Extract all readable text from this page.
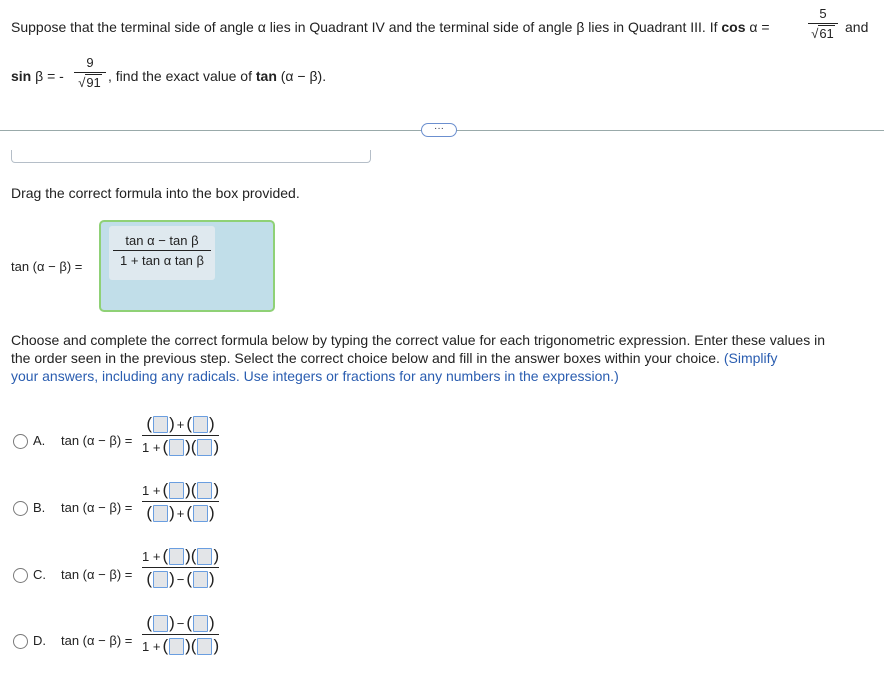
Suppose that the terminal side of angle α lies in Quadrant IV and the terminal side of angle β lies in Quadrant III. If cos α =
5
√61 and
sin β = -
9
√91 , find the exact value of tan (α − β).
···
Drag the correct formula into the box provided.
tan (α − β) =
tan α − tan β
1 + tan α tan β
Choose and complete the correct formula below by typing the correct value for each trigonometric expression. Enter these values in
the order seen in the previous step. Select the correct choice below and fill in the answer boxes within your choice. (Simplify
your answers, including any radicals. Use integers or fractions for any numbers in the expression.)
A. tan (α − β) =
( ) + ( )
1 + ( ) ( )
B. tan (α − β) =
1 + ( ) ( )
( ) + ( )
C. tan (α − β) =
1 + ( ) ( )
( ) − ( )
D. tan (α − β) =
( ) − ( )
1 + ( ) ( )
